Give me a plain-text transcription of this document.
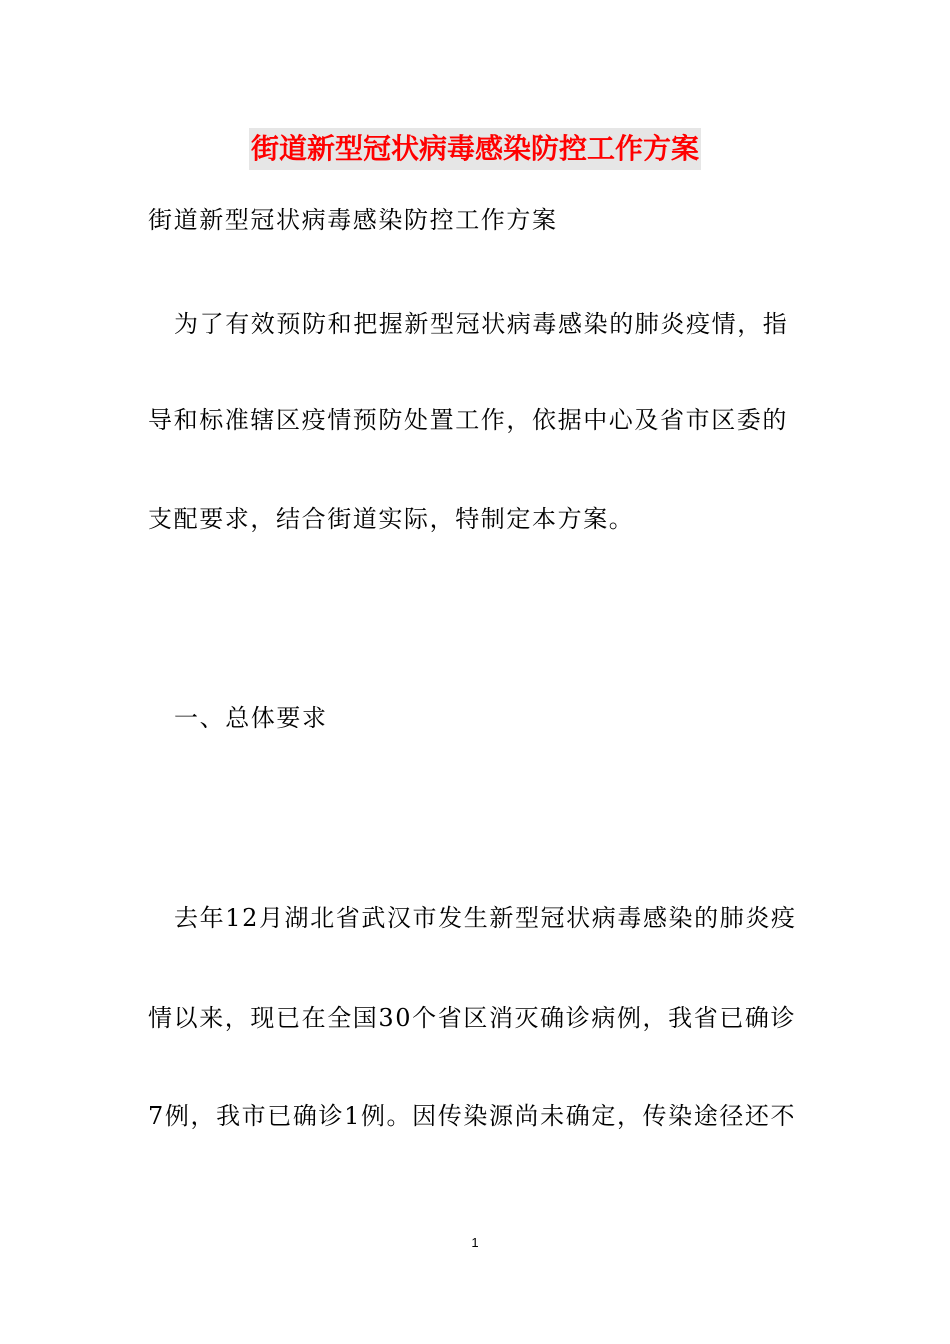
街道新型冠状病毒感染防控工作方案

街道新型冠状病毒感染防控工作方案

为了有效预防和把握新型冠状病毒感染的肺炎疫情，指

导和标准辖区疫情预防处置工作，依据中心及省市区委的

支配要求，结合街道实际，特制定本方案。

一、总体要求

去年12月湖北省武汉市发生新型冠状病毒感染的肺炎疫

情以来，现已在全国30个省区消灭确诊病例，我省已确诊

7例，我市已确诊1例。因传染源尚未确定，传染途径还不

1
